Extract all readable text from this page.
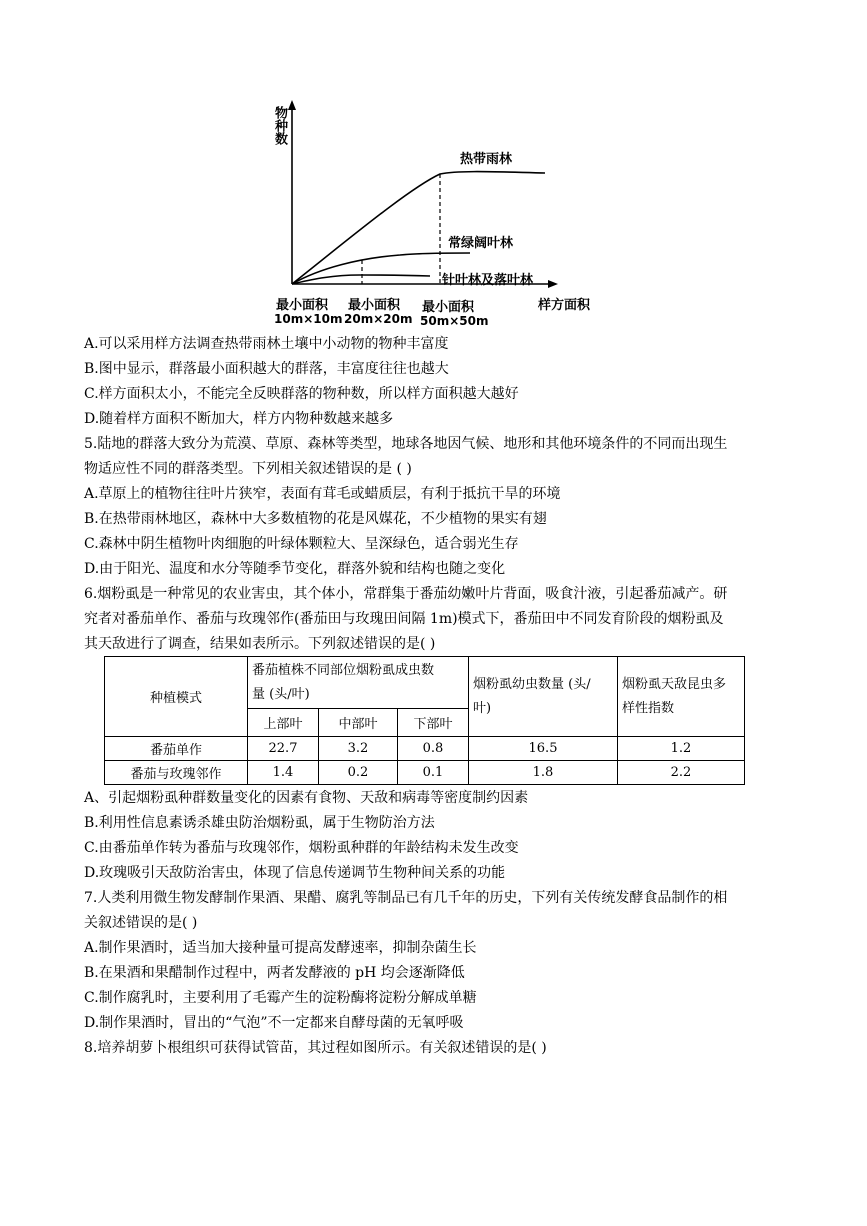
物种数
热带雨林
常绿阔叶林
针叶林及落叶林
样方面积
最小面积
10m×10m
最小面积
20m×20m
最小面积
50m×50m
A.可以采用样方法调查热带雨林土壤中小动物的物种丰富度
B.图中显示，群落最小面积越大的群落，丰富度往往也越大
C.样方面积太小，不能完全反映群落的物种数，所以样方面积越大越好
D.随着样方面积不断加大，样方内物种数越来越多
5.陆地的群落大致分为荒漠、草原、森林等类型，地球各地因气候、地形和其他环境条件的不同而出现生
物适应性不同的群落类型。下列相关叙述错误的是 ( )
A.草原上的植物往往叶片狭窄，表面有茸毛或蜡质层，有利于抵抗干旱的环境
B.在热带雨林地区，森林中大多数植物的花是风媒花，不少植物的果实有翅
C.森林中阴生植物叶肉细胞的叶绿体颗粒大、呈深绿色，适合弱光生存
D.由于阳光、温度和水分等随季节变化，群落外貌和结构也随之变化
6.烟粉虱是一种常见的农业害虫，其个体小，常群集于番茄幼嫩叶片背面，吸食汁液，引起番茄减产。研
究者对番茄单作、番茄与玫瑰邻作(番茄田与玫瑰田间隔 1m)模式下，番茄田中不同发育阶段的烟粉虱及
其天敌进行了调查，结果如表所示。下列叙述错误的是( )
种植模式	番茄植株不同部位烟粉虱成虫数
量 (头/叶)			烟粉虱幼虫数量 (头/
叶)	烟粉虱天敌昆虫多
样性指数
	上部叶	中部叶	下部叶		
番茄单作	22.7	3.2	0.8	16.5	1.2
番茄与玫瑰邻作	1.4	0.2	0.1	1.8	2.2
A、引起烟粉虱种群数量变化的因素有食物、天敌和病毒等密度制约因素
B.利用性信息素诱杀雄虫防治烟粉虱，属于生物防治方法
C.由番茄单作转为番茄与玫瑰邻作，烟粉虱种群的年龄结构未发生改变
D.玫瑰吸引天敌防治害虫，体现了信息传递调节生物种间关系的功能
7.人类利用微生物发酵制作果酒、果醋、腐乳等制品已有几千年的历史，下列有关传统发酵食品制作的相
关叙述错误的是( )
A.制作果酒时，适当加大接种量可提高发酵速率，抑制杂菌生长
B.在果酒和果醋制作过程中，两者发酵液的 pH 均会逐渐降低
C.制作腐乳时，主要利用了毛霉产生的淀粉酶将淀粉分解成单糖
D.制作果酒时，冒出的“气泡”不一定都来自酵母菌的无氧呼吸
8.培养胡萝卜根组织可获得试管苗，其过程如图所示。有关叙述错误的是( )
